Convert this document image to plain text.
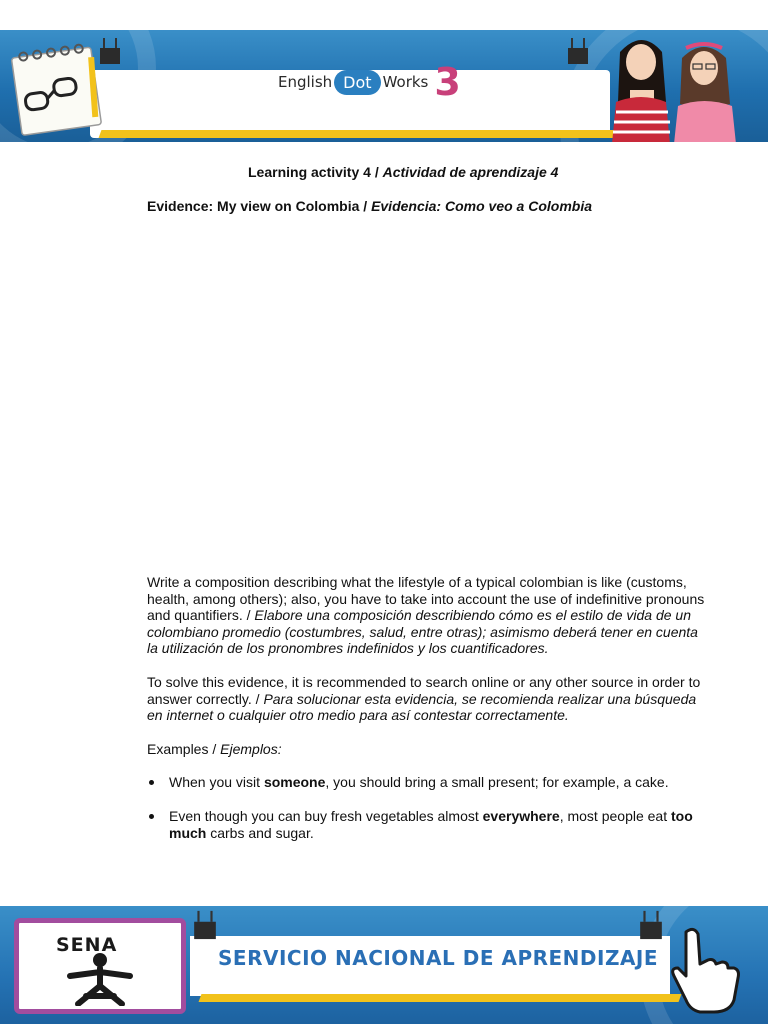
English Dot Works 3
Learning activity 4 / Actividad de aprendizaje 4
Evidence: My view on Colombia / Evidencia: Como veo a Colombia

Write a composition describing what the lifestyle of a typical colombian is like (customs, health, among others); also, you have to take into account the use of indefinitive pronouns and quantifiers. / Elabore una composición describiendo cómo es el estilo de vida de un colombiano promedio (costumbres, salud, entre otras); asimismo deberá tener en cuenta la utilización de los pronombres indefinidos y los cuantificadores.

To solve this evidence, it is recommended to search online or any other source in order to answer correctly. / Para solucionar esta evidencia, se recomienda realizar una búsqueda en internet o cualquier otro medio para así contestar correctamente.

Examples / Ejemplos:

When you visit someone, you should bring a small present; for example, a cake.
Even though you can buy fresh vegetables almost everywhere, most people eat too much carbs and sugar.
SENA
SERVICIO NACIONAL DE APRENDIZAJE
